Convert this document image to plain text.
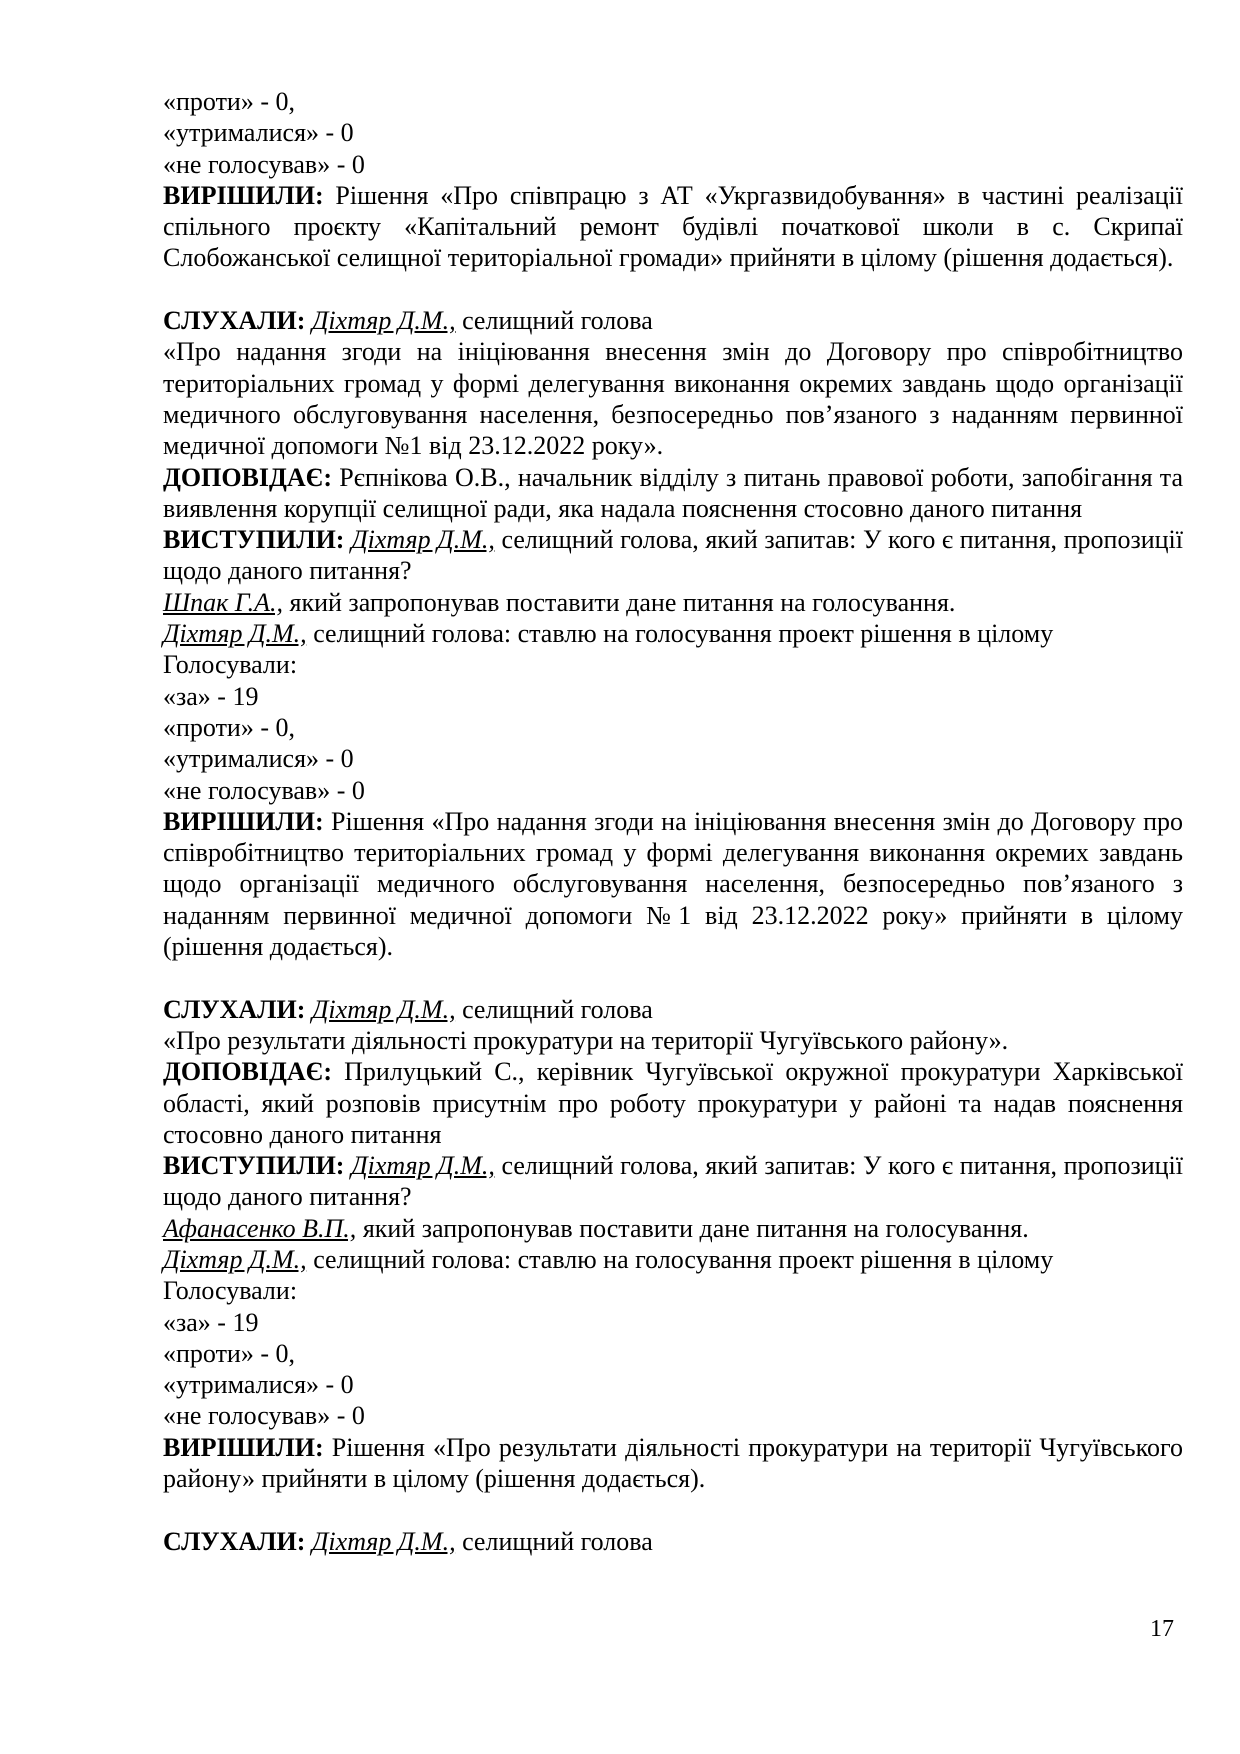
«проти» - 0,

«утрималися» - 0

«не голосував» - 0

ВИРІШИЛИ: Рішення «Про співпрацю з АТ «Укргазвидобування» в частині реалізації спільного проєкту «Капітальний ремонт будівлі початкової школи в с. Скрипаї Слобожанської селищної територіальної громади» прийняти в цілому (рішення додається).

СЛУХАЛИ: Діхтяр Д.М., селищний голова

«Про надання згоди на ініціювання внесення змін до Договору про співробітництво територіальних громад у формі делегування виконання окремих завдань щодо організації медичного обслуговування населення, безпосередньо пов’язаного з наданням первинної медичної допомоги №1 від 23.12.2022 року».

ДОПОВІДАЄ: Рєпнікова О.В., начальник відділу з питань правової роботи, запобігання та виявлення корупції селищної ради, яка надала пояснення стосовно даного питання

ВИСТУПИЛИ: Діхтяр Д.М., селищний голова, який запитав: У кого є питання, пропозиції щодо даного питання?

Шпак Г.А., який запропонував поставити дане питання на голосування.

Діхтяр Д.М., селищний голова: ставлю на голосування проект рішення в цілому

Голосували:

«за» - 19

«проти» - 0,

«утрималися» - 0

«не голосував» - 0

ВИРІШИЛИ: Рішення «Про надання згоди на ініціювання внесення змін до Договору про співробітництво територіальних громад у формі делегування виконання окремих завдань щодо організації медичного обслуговування населення, безпосередньо пов’язаного з наданням первинної медичної допомоги №1 від 23.12.2022 року» прийняти в цілому (рішення додається).

СЛУХАЛИ: Діхтяр Д.М., селищний голова

«Про результати діяльності прокуратури на території Чугуївського району».

ДОПОВІДАЄ: Прилуцький С., керівник Чугуївської окружної прокуратури Харківської області, який розповів присутнім про роботу прокуратури у районі та надав пояснення стосовно даного питання

ВИСТУПИЛИ: Діхтяр Д.М., селищний голова, який запитав: У кого є питання, пропозиції щодо даного питання?

Афанасенко В.П., який запропонував поставити дане питання на голосування.

Діхтяр Д.М., селищний голова: ставлю на голосування проект рішення в цілому

Голосували:

«за» - 19

«проти» - 0,

«утрималися» - 0

«не голосував» - 0

ВИРІШИЛИ: Рішення «Про результати діяльності прокуратури на території Чугуївського району» прийняти в цілому (рішення додається).

СЛУХАЛИ: Діхтяр Д.М., селищний голова

17
